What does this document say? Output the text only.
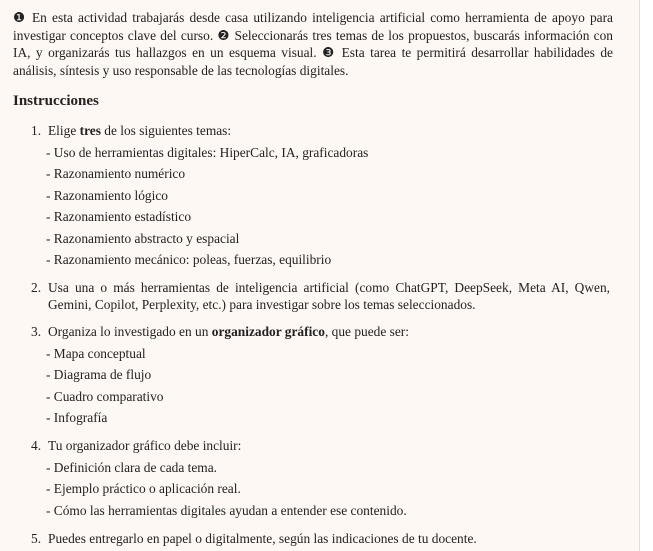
❶ En esta actividad trabajarás desde casa utilizando inteligencia artificial como herramienta de apoyo para investigar conceptos clave del curso. ❷ Seleccionarás tres temas de los propuestos, buscarás información con IA, y organizarás tus hallazgos en un esquema visual. ❸ Esta tarea te permitirá desarrollar habilidades de análisis, síntesis y uso responsable de las tecnologías digitales.
Instrucciones
1. Elige tres de los siguientes temas:
- Uso de herramientas digitales: HiperCalc, IA, graficadoras
- Razonamiento numérico
- Razonamiento lógico
- Razonamiento estadístico
- Razonamiento abstracto y espacial
- Razonamiento mecánico: poleas, fuerzas, equilibrio
2. Usa una o más herramientas de inteligencia artificial (como ChatGPT, DeepSeek, Meta AI, Qwen, Gemini, Copilot, Perplexity, etc.) para investigar sobre los temas seleccionados.
3. Organiza lo investigado en un organizador gráfico, que puede ser:
- Mapa conceptual
- Diagrama de flujo
- Cuadro comparativo
- Infografía
4. Tu organizador gráfico debe incluir:
- Definición clara de cada tema.
- Ejemplo práctico o aplicación real.
- Cómo las herramientas digitales ayudan a entender ese contenido.
5. Puedes entregarlo en papel o digitalmente, según las indicaciones de tu docente.
